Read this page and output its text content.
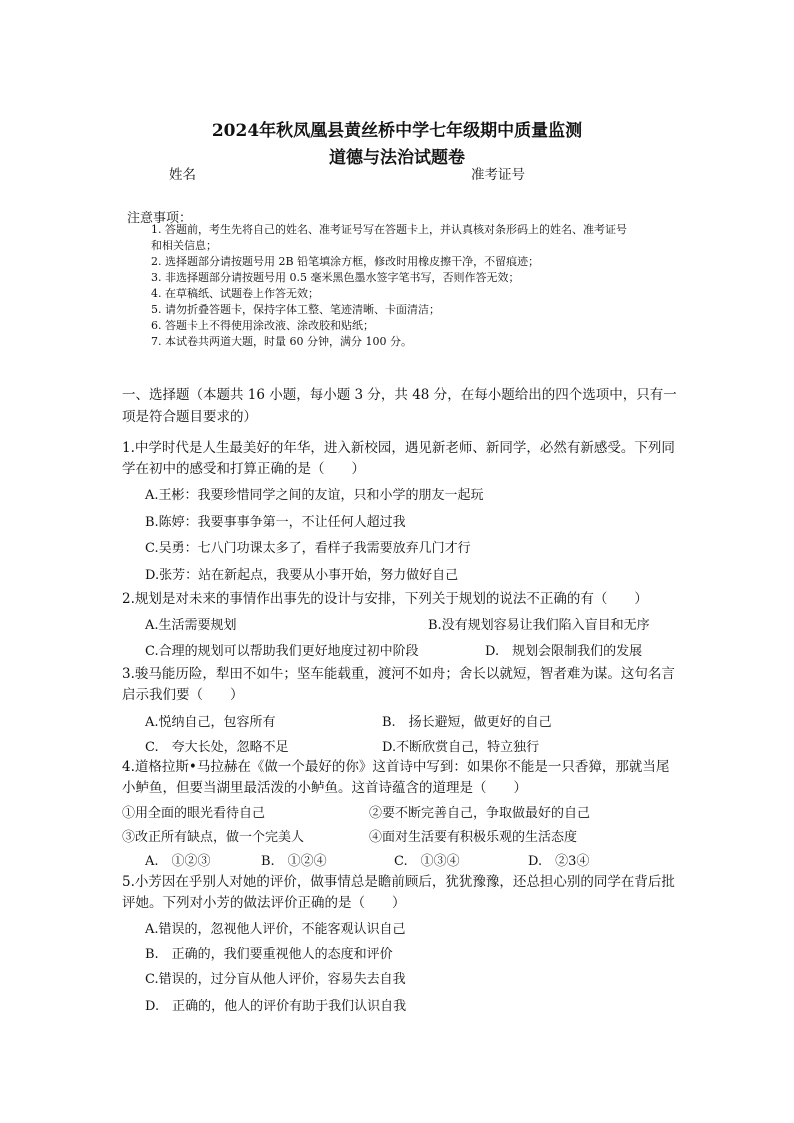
2024年秋凤凰县黄丝桥中学七年级期中质量监测
道德与法治试题卷
姓名	准考证号
注意事项：
1. 答题前，考生先将自己的姓名、准考证号写在答题卡上，并认真核对条形码上的姓名、准考证号
和相关信息；
2. 选择题部分请按题号用 2B 铅笔填涂方框，修改时用橡皮擦干净，不留痕迹；
3. 非选择题部分请按题号用 0.5 毫米黑色墨水签字笔书写，否则作答无效；
4. 在草稿纸、试题卷上作答无效；
5. 请勿折叠答题卡，保持字体工整、笔迹清晰、卡面清洁；
6. 答题卡上不得使用涂改液、涂改胶和贴纸；
7. 本试卷共两道大题，时量 60 分钟，满分 100 分。
一、选择题（本题共 16 小题，每小题 3 分，共 48 分，在每小题给出的四个选项中，只有一项是符合题目要求的）
1.中学时代是人生最美好的年华，进入新校园，遇见新老师、新同学，必然有新感受。下列同学在初中的感受和打算正确的是（　　）
A.王彬：我要珍惜同学之间的友谊，只和小学的朋友一起玩
B.陈婷：我要事事争第一，不让任何人超过我
C.吴勇：七八门功课太多了，看样子我需要放弃几门才行
D.张芳：站在新起点，我要从小事开始，努力做好自己
2.规划是对未来的事情作出事先的设计与安排，下列关于规划的说法不正确的有（　　）
A.生活需要规划	B.没有规划容易让我们陷入盲目和无序
C.合理的规划可以帮助我们更好地度过初中阶段	D.　规划会限制我们的发展
3.骏马能历险，犁田不如牛；坚车能载重，渡河不如舟；舍长以就短，智者难为谋。这句名言启示我们要（　　）
A.悦纳自己，包容所有	B.　扬长避短，做更好的自己
C.　夸大长处，忽略不足	D.不断欣赏自己，特立独行
4.道格拉斯•马拉赫在《做一个最好的你》这首诗中写到：如果你不能是一只香獐，那就当尾小鲈鱼，但要当湖里最活泼的小鲈鱼。这首诗蕴含的道理是（　　）
①用全面的眼光看待自己	②要不断完善自己，争取做最好的自己
③改正所有缺点，做一个完美人	④面对生活要有积极乐观的生活态度
A.　①②③	B.　①②④	C.　①③④	D.　②3④
5.小芳因在乎别人对她的评价，做事情总是瞻前顾后，犹犹豫豫，还总担心别的同学在背后批评她。下列对小芳的做法评价正确的是（　　）
A.错误的，忽视他人评价，不能客观认识自己
B.　正确的，我们要重视他人的态度和评价
C.错误的，过分盲从他人评价，容易失去自我
D.　正确的，他人的评价有助于我们认识自我
